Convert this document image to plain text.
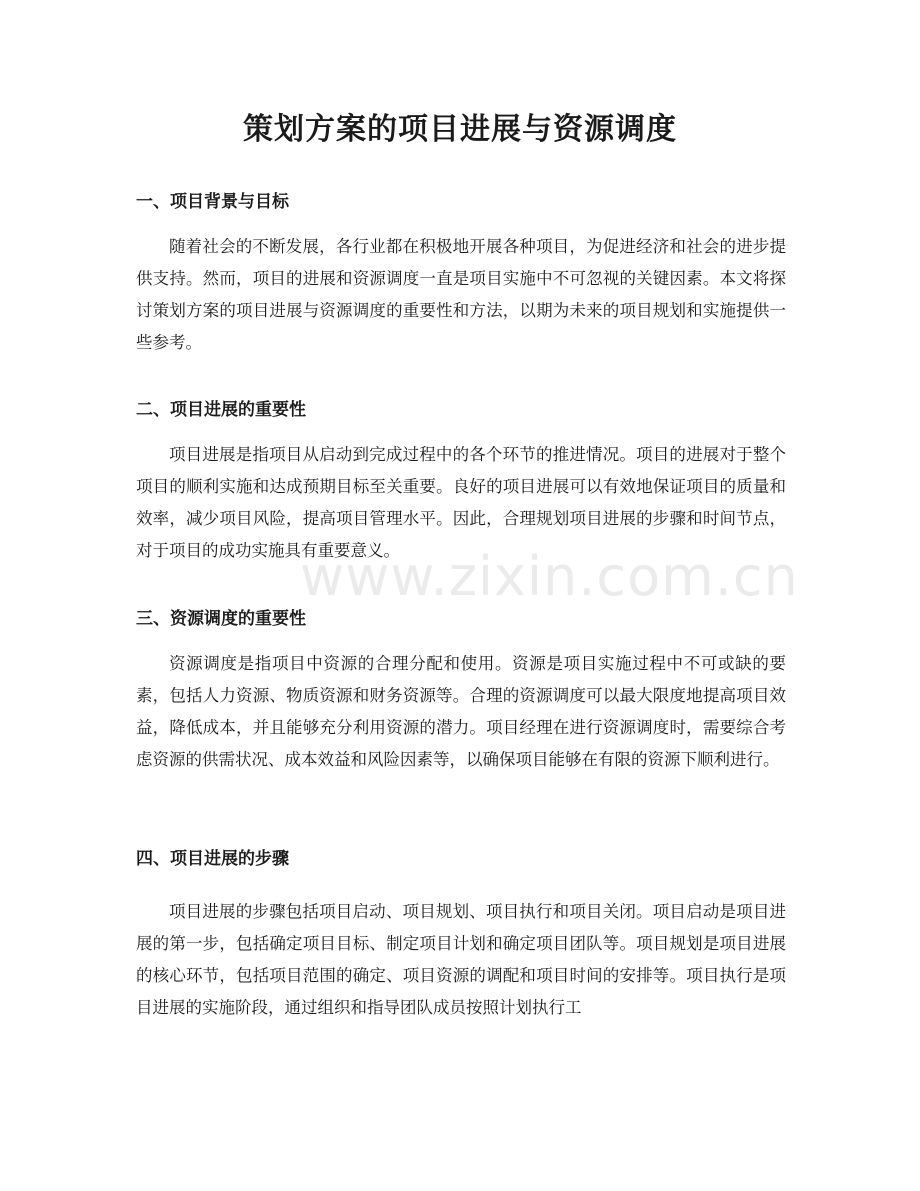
策划方案的项目进展与资源调度
一、项目背景与目标

随着社会的不断发展，各行业都在积极地开展各种项目，为促进经济和社会的进步提供支持。然而，项目的进展和资源调度一直是项目实施中不可忽视的关键因素。本文将探讨策划方案的项目进展与资源调度的重要性和方法，以期为未来的项目规划和实施提供一些参考。

二、项目进展的重要性

项目进展是指项目从启动到完成过程中的各个环节的推进情况。项目的进展对于整个项目的顺利实施和达成预期目标至关重要。良好的项目进展可以有效地保证项目的质量和效率，减少项目风险，提高项目管理水平。因此，合理规划项目进展的步骤和时间节点，对于项目的成功实施具有重要意义。

三、资源调度的重要性

资源调度是指项目中资源的合理分配和使用。资源是项目实施过程中不可或缺的要素，包括人力资源、物质资源和财务资源等。合理的资源调度可以最大限度地提高项目效益，降低成本，并且能够充分利用资源的潜力。项目经理在进行资源调度时，需要综合考虑资源的供需状况、成本效益和风险因素等，以确保项目能够在有限的资源下顺利进行。

四、项目进展的步骤

项目进展的步骤包括项目启动、项目规划、项目执行和项目关闭。项目启动是项目进展的第一步，包括确定项目目标、制定项目计划和确定项目团队等。项目规划是项目进展的核心环节，包括项目范围的确定、项目资源的调配和项目时间的安排等。项目执行是项目进展的实施阶段，通过组织和指导团队成员按照计划执行工

www.zixin.com.cn
